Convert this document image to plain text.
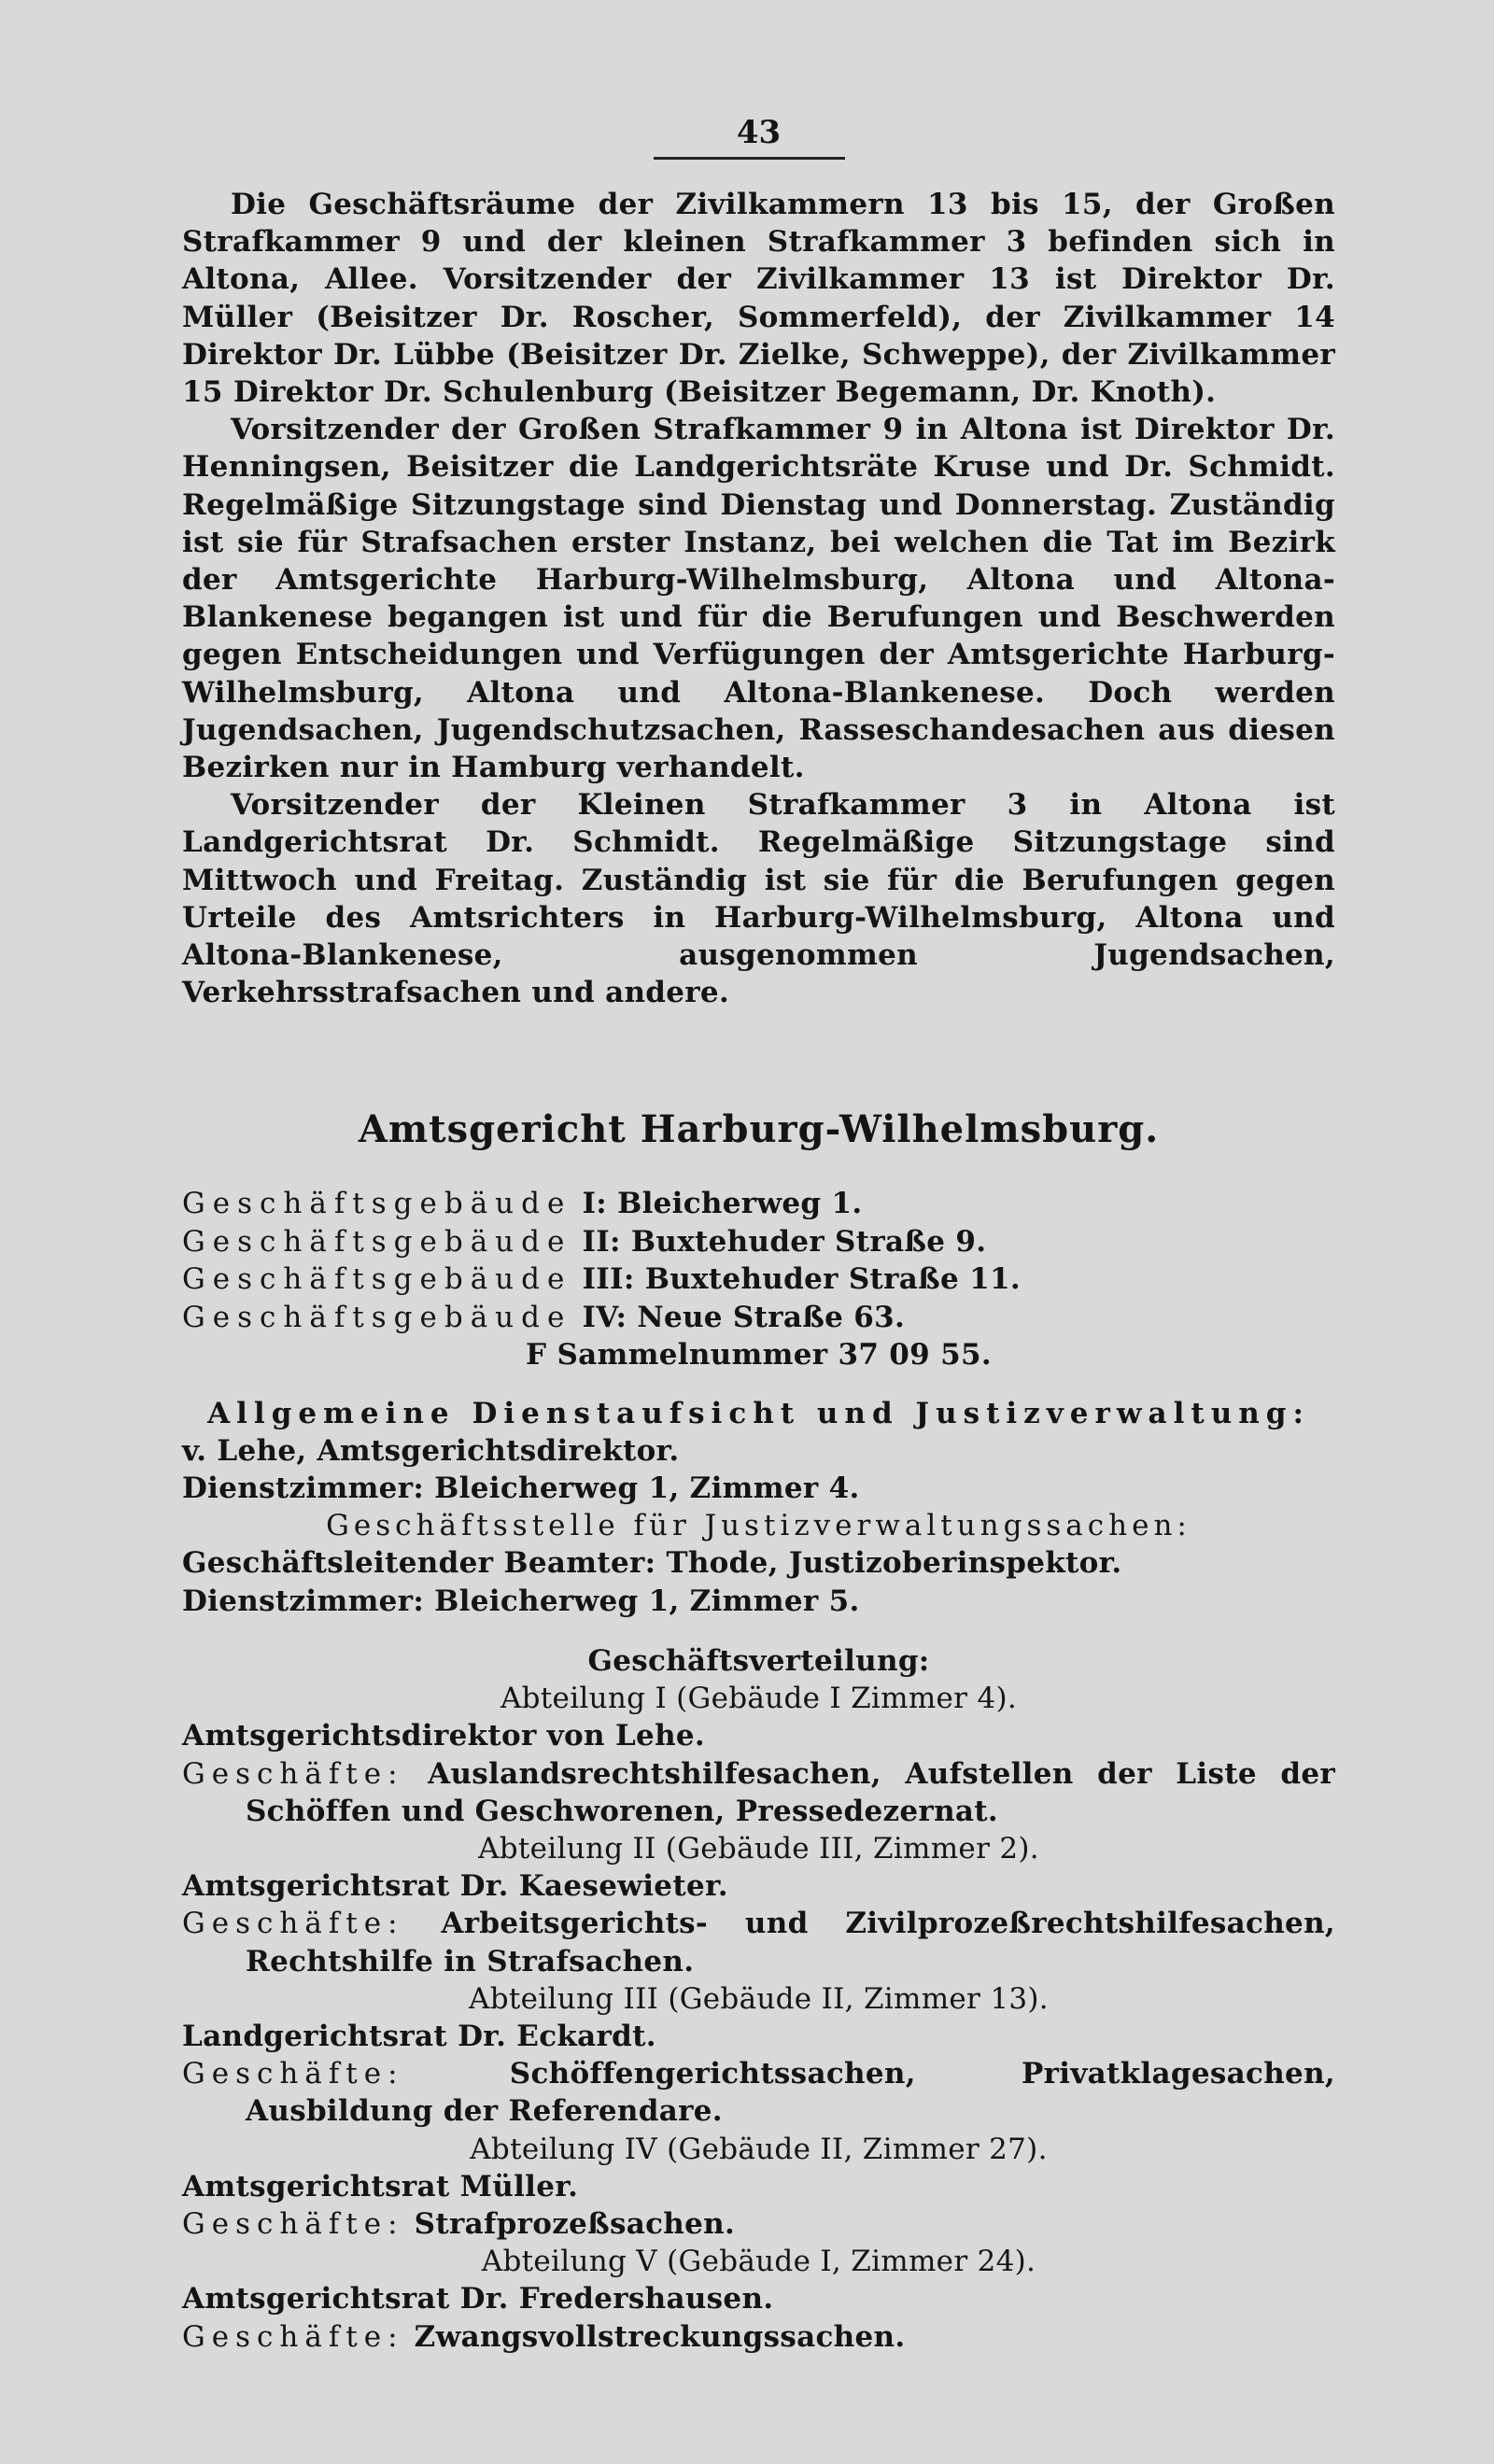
43

Die Geschäftsräume der Zivilkammern 13 bis 15, der Großen Strafkammer 9 und der kleinen Strafkammer 3 befinden sich in Altona, Allee. Vorsitzender der Zivilkammer 13 ist Direktor Dr. Müller (Beisitzer Dr. Roscher, Sommerfeld), der Zivilkammer 14 Direktor Dr. Lübbe (Beisitzer Dr. Zielke, Schweppe), der Zivilkammer 15 Direktor Dr. Schulenburg (Beisitzer Begemann, Dr. Knoth).

Vorsitzender der Großen Strafkammer 9 in Altona ist Direktor Dr. Henningsen, Beisitzer die Landgerichtsräte Kruse und Dr. Schmidt. Regelmäßige Sitzungstage sind Dienstag und Donnerstag. Zuständig ist sie für Strafsachen erster Instanz, bei welchen die Tat im Bezirk der Amtsgerichte Harburg-Wilhelmsburg, Altona und Altona-Blankenese begangen ist und für die Berufungen und Beschwerden gegen Entscheidungen und Verfügungen der Amtsgerichte Harburg-Wilhelmsburg, Altona und Altona-Blankenese. Doch werden Jugendsachen, Jugendschutzsachen, Rasseschandesachen aus diesen Bezirken nur in Hamburg verhandelt.

Vorsitzender der Kleinen Strafkammer 3 in Altona ist Landgerichtsrat Dr. Schmidt. Regelmäßige Sitzungstage sind Mittwoch und Freitag. Zuständig ist sie für die Berufungen gegen Urteile des Amtsrichters in Harburg-Wilhelmsburg, Altona und Altona-Blankenese, ausgenommen Jugendsachen, Verkehrsstrafsachen und andere.

Amtsgericht Harburg-Wilhelmsburg.

Geschäftsgebäude I: Bleicherweg 1.

Geschäftsgebäude II: Buxtehuder Straße 9.

Geschäftsgebäude III: Buxtehuder Straße 11.

Geschäftsgebäude IV: Neue Straße 63.

F Sammelnummer 37 09 55.

Allgemeine Dienstaufsicht und Justizverwaltung:

v. Lehe, Amtsgerichtsdirektor.

Dienstzimmer: Bleicherweg 1, Zimmer 4.

Geschäftsstelle für Justizverwaltungssachen:

Geschäftsleitender Beamter: Thode, Justizoberinspektor.

Dienstzimmer: Bleicherweg 1, Zimmer 5.

Geschäftsverteilung:

Abteilung I (Gebäude I Zimmer 4).

Amtsgerichtsdirektor von Lehe.

Geschäfte: Auslandsrechtshilfesachen, Aufstellen der Liste der Schöffen und Geschworenen, Pressedezernat.

Abteilung II (Gebäude III, Zimmer 2).

Amtsgerichtsrat Dr. Kaesewieter.

Geschäfte: Arbeitsgerichts- und Zivilprozeßrechtshilfesachen, Rechtshilfe in Strafsachen.

Abteilung III (Gebäude II, Zimmer 13).

Landgerichtsrat Dr. Eckardt.

Geschäfte:	Schöffengerichtssachen, Privatklagesachen, Ausbildung der Referendare.

Abteilung IV (Gebäude II, Zimmer 27).

Amtsgerichtsrat Müller.

Geschäfte: Strafprozeßsachen.

Abteilung V (Gebäude I, Zimmer 24).

Amtsgerichtsrat Dr. Fredershausen.

Geschäfte: Zwangsvollstreckungssachen.
